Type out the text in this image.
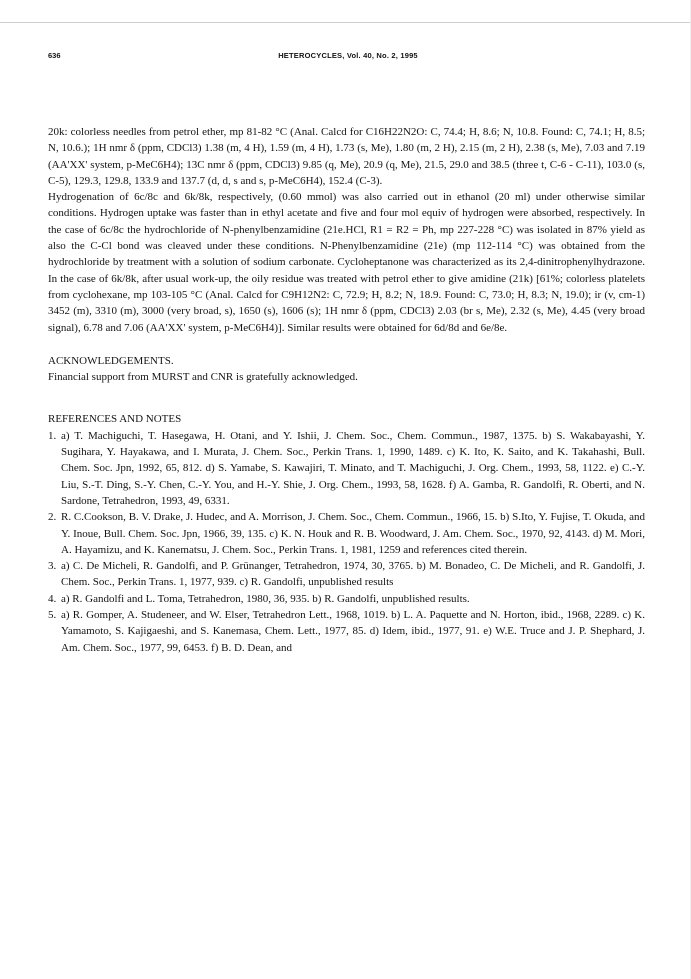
636	HETEROCYCLES, Vol. 40, No. 2, 1995

20k: colorless needles from petrol ether, mp 81-82 °C (Anal. Calcd for C16H22N2O: C, 74.4; H, 8.6; N, 10.8. Found: C, 74.1; H, 8.5; N, 10.6.); 1H nmr δ (ppm, CDCl3) 1.38 (m, 4 H), 1.59 (m, 4 H), 1.73 (s, Me), 1.80 (m, 2 H), 2.15 (m, 2 H), 2.38 (s, Me), 7.03 and 7.19 (AA'XX' system, p-MeC6H4); 13C nmr δ (ppm, CDCl3) 9.85 (q, Me), 20.9 (q, Me), 21.5, 29.0 and 38.5 (three t, C-6 - C-11), 103.0 (s, C-5), 129.3, 129.8, 133.9 and 137.7 (d, d, s and s, p-MeC6H4), 152.4 (C-3).

Hydrogenation of 6c/8c and 6k/8k, respectively, (0.60 mmol) was also carried out in ethanol (20 ml) under otherwise similar conditions. Hydrogen uptake was faster than in ethyl acetate and five and four mol equiv of hydrogen were absorbed, respectively. In the case of 6c/8c the hydrochloride of N-phenylbenzamidine (21e.HCl, R1 = R2 = Ph, mp 227-228 °C) was isolated in 87% yield as also the C-Cl bond was cleaved under these conditions. N-Phenylbenzamidine (21e) (mp 112-114 °C) was obtained from the hydrochloride by treatment with a solution of sodium carbonate. Cycloheptanone was characterized as its 2,4-dinitrophenylhydrazone. In the case of 6k/8k, after usual work-up, the oily residue was treated with petrol ether to give amidine (21k) [61%; colorless platelets from cyclohexane, mp 103-105 °C (Anal. Calcd for C9H12N2: C, 72.9; H, 8.2; N, 18.9. Found: C, 73.0; H, 8.3; N, 19.0); ir (v, cm-1) 3452 (m), 3310 (m), 3000 (very broad, s), 1650 (s), 1606 (s); 1H nmr δ (ppm, CDCl3) 2.03 (br s, Me), 2.32 (s, Me), 4.45 (very broad signal), 6.78 and 7.06 (AA'XX' system, p-MeC6H4)]. Similar results were obtained for 6d/8d and 6e/8e.

ACKNOWLEDGEMENTS.

Financial support from MURST and CNR is gratefully acknowledged.

REFERENCES AND NOTES

1. a) T. Machiguchi, T. Hasegawa, H. Otani, and Y. Ishii, J. Chem. Soc., Chem. Commun., 1987, 1375. b) S. Wakabayashi, Y. Sugihara, Y. Hayakawa, and I. Murata, J. Chem. Soc., Perkin Trans. 1, 1990, 1489. c) K. Ito, K. Saito, and K. Takahashi, Bull. Chem. Soc. Jpn, 1992, 65, 812. d) S. Yamabe, S. Kawajiri, T. Minato, and T. Machiguchi, J. Org. Chem., 1993, 58, 1122. e) C.-Y. Liu, S.-T. Ding, S.-Y. Chen, C.-Y. You, and H.-Y. Shie, J. Org. Chem., 1993, 58, 1628. f) A. Gamba, R. Gandolfi, R. Oberti, and N. Sardone, Tetrahedron, 1993, 49, 6331.
2. R. C.Cookson, B. V. Drake, J. Hudec, and A. Morrison, J. Chem. Soc., Chem. Commun., 1966, 15. b) S.Ito, Y. Fujise, T. Okuda, and Y. Inoue, Bull. Chem. Soc. Jpn, 1966, 39, 135. c) K. N. Houk and R. B. Woodward, J. Am. Chem. Soc., 1970, 92, 4143. d) M. Mori, A. Hayamizu, and K. Kanematsu, J. Chem. Soc., Perkin Trans. 1, 1981, 1259 and references cited therein.
3. a) C. De Micheli, R. Gandolfi, and P. Grünanger, Tetrahedron, 1974, 30, 3765. b) M. Bonadeo, C. De Micheli, and R. Gandolfi, J. Chem. Soc., Perkin Trans. 1, 1977, 939. c) R. Gandolfi, unpublished results
4. a) R. Gandolfi and L. Toma, Tetrahedron, 1980, 36, 935. b) R. Gandolfi, unpublished results.
5. a) R. Gomper, A. Studeneer, and W. Elser, Tetrahedron Lett., 1968, 1019. b) L. A. Paquette and N. Horton, ibid., 1968, 2289. c) K. Yamamoto, S. Kajigaeshi, and S. Kanemasa, Chem. Lett., 1977, 85. d) Idem, ibid., 1977, 91. e) W.E. Truce and J. P. Shephard, J. Am. Chem. Soc., 1977, 99, 6453. f) B. D. Dean, and
